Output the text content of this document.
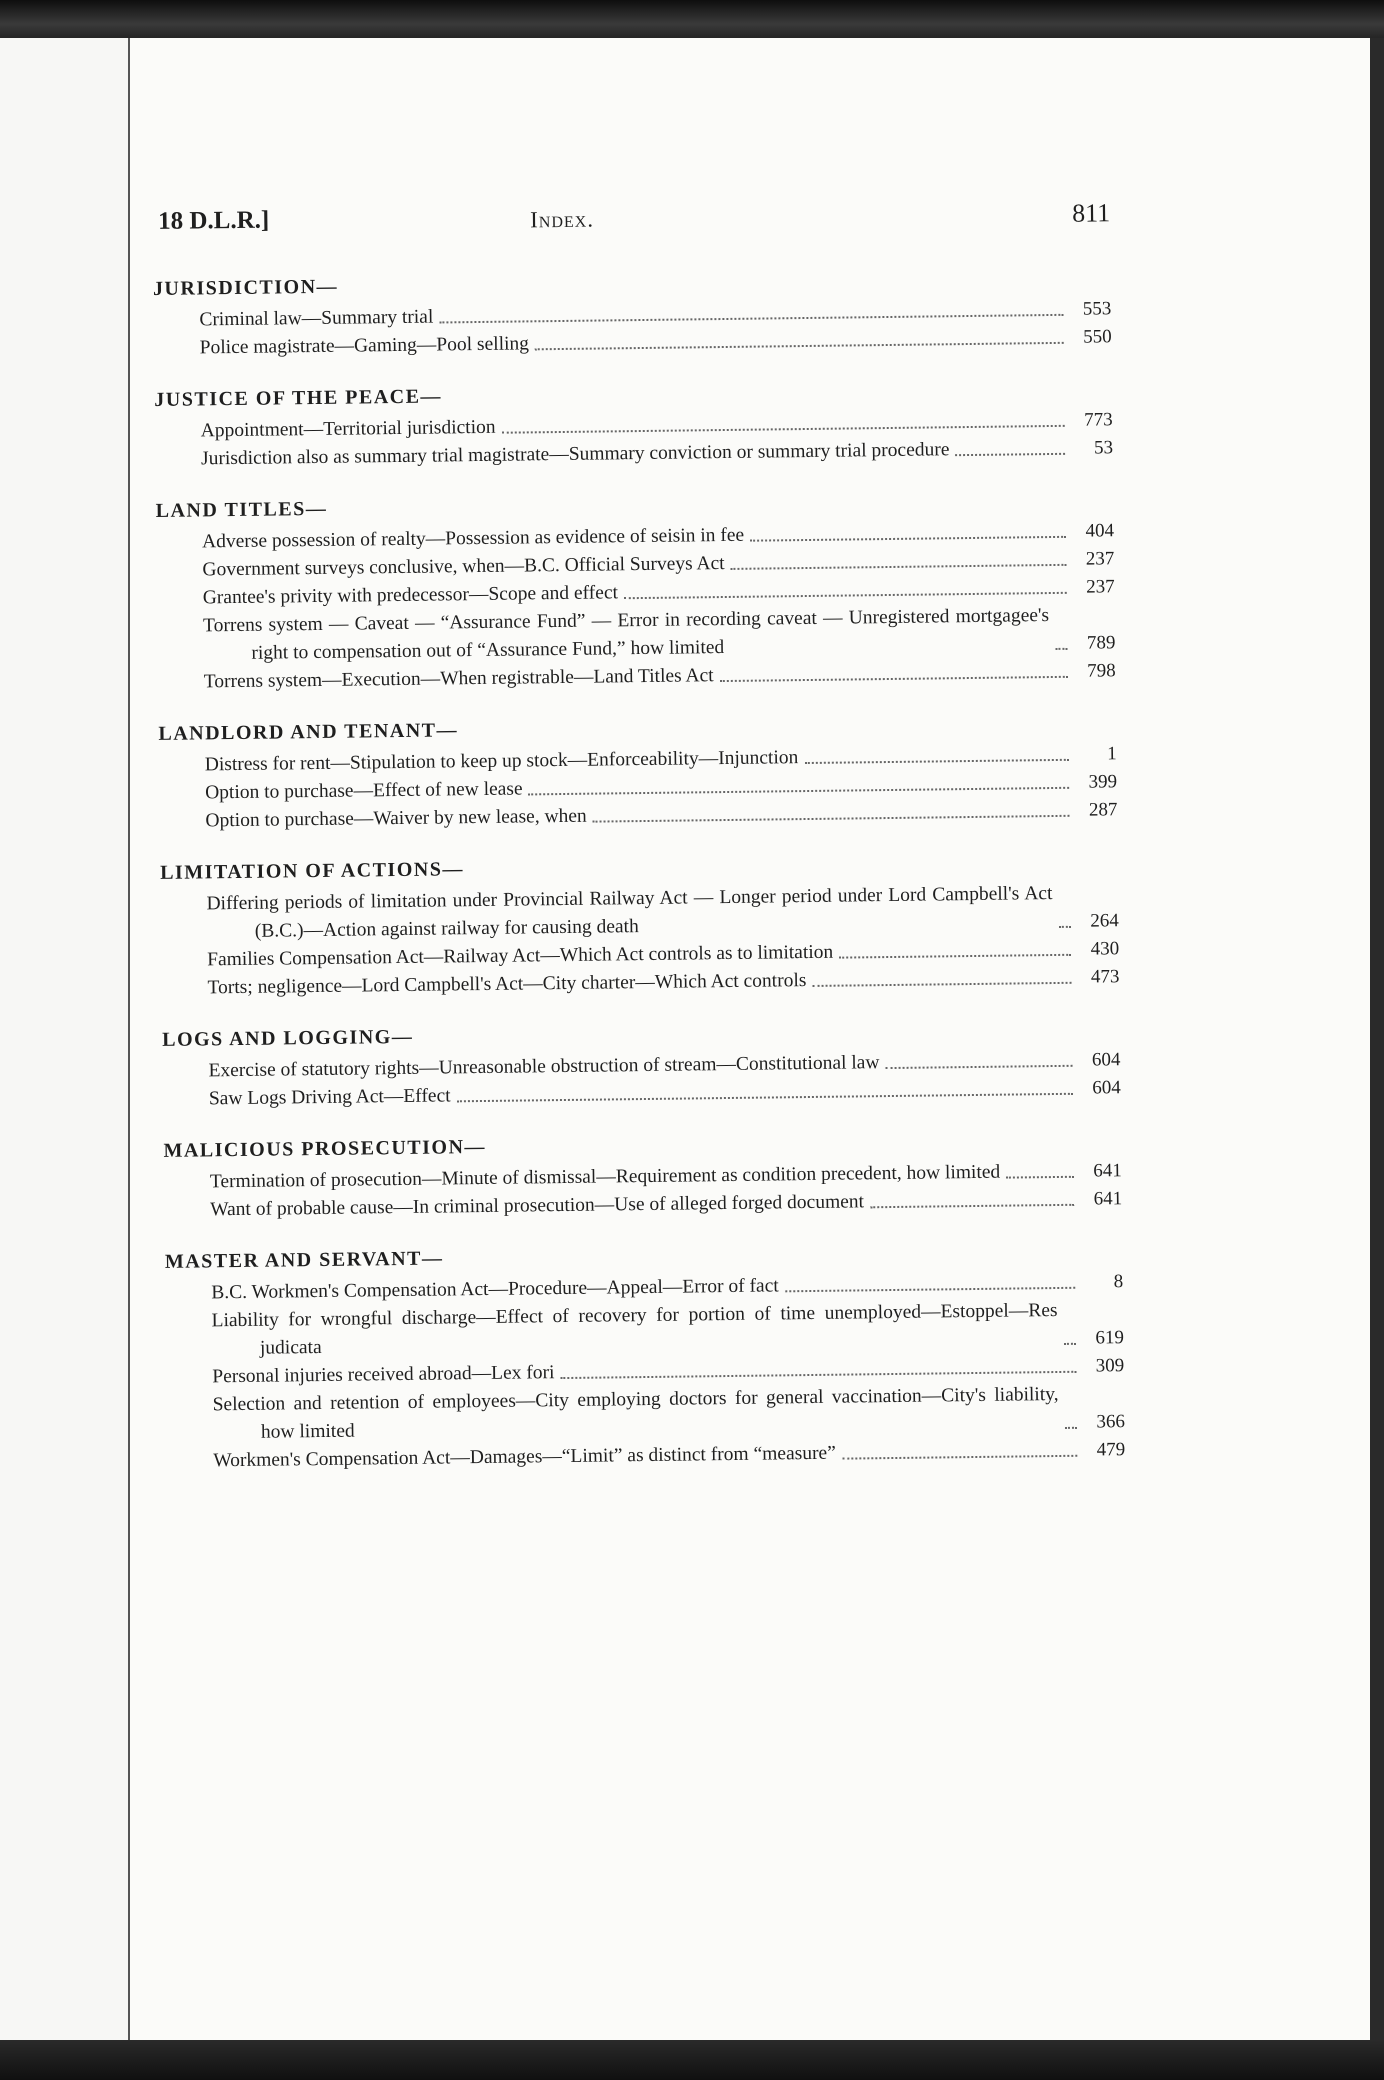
18 D.L.R.]	Index.	811
JURISDICTION—
Criminal law—Summary trial	553
Police magistrate—Gaming—Pool selling	550
JUSTICE OF THE PEACE—
Appointment—Territorial jurisdiction	773
Jurisdiction also as summary trial magistrate—Summary conviction or summary trial procedure	53
LAND TITLES—
Adverse possession of realty—Possession as evidence of seisin in fee	404
Government surveys conclusive, when—B.C. Official Surveys Act	237
Grantee's privity with predecessor—Scope and effect	237
Torrens system — Caveat — “Assurance Fund” — Error in recording caveat — Unregistered mortgagee's right to compensation out of “Assurance Fund,” how limited	789
Torrens system—Execution—When registrable—Land Titles Act	798
LANDLORD AND TENANT—
Distress for rent—Stipulation to keep up stock—Enforceability—Injunction	1
Option to purchase—Effect of new lease	399
Option to purchase—Waiver by new lease, when	287
LIMITATION OF ACTIONS—
Differing periods of limitation under Provincial Railway Act — Longer period under Lord Campbell's Act (B.C.)—Action against railway for causing death	264
Families Compensation Act—Railway Act—Which Act controls as to limitation	430
Torts; negligence—Lord Campbell's Act—City charter—Which Act controls	473
LOGS AND LOGGING—
Exercise of statutory rights—Unreasonable obstruction of stream—Constitutional law	604
Saw Logs Driving Act—Effect	604
MALICIOUS PROSECUTION—
Termination of prosecution—Minute of dismissal—Requirement as condition precedent, how limited	641
Want of probable cause—In criminal prosecution—Use of alleged forged document	641
MASTER AND SERVANT—
B.C. Workmen's Compensation Act—Procedure—Appeal—Error of fact	8
Liability for wrongful discharge—Effect of recovery for portion of time unemployed—Estoppel—Res judicata	619
Personal injuries received abroad—Lex fori	309
Selection and retention of employees—City employing doctors for general vaccination—City's liability, how limited	366
Workmen's Compensation Act—Damages—“Limit” as distinct from “measure”	479
